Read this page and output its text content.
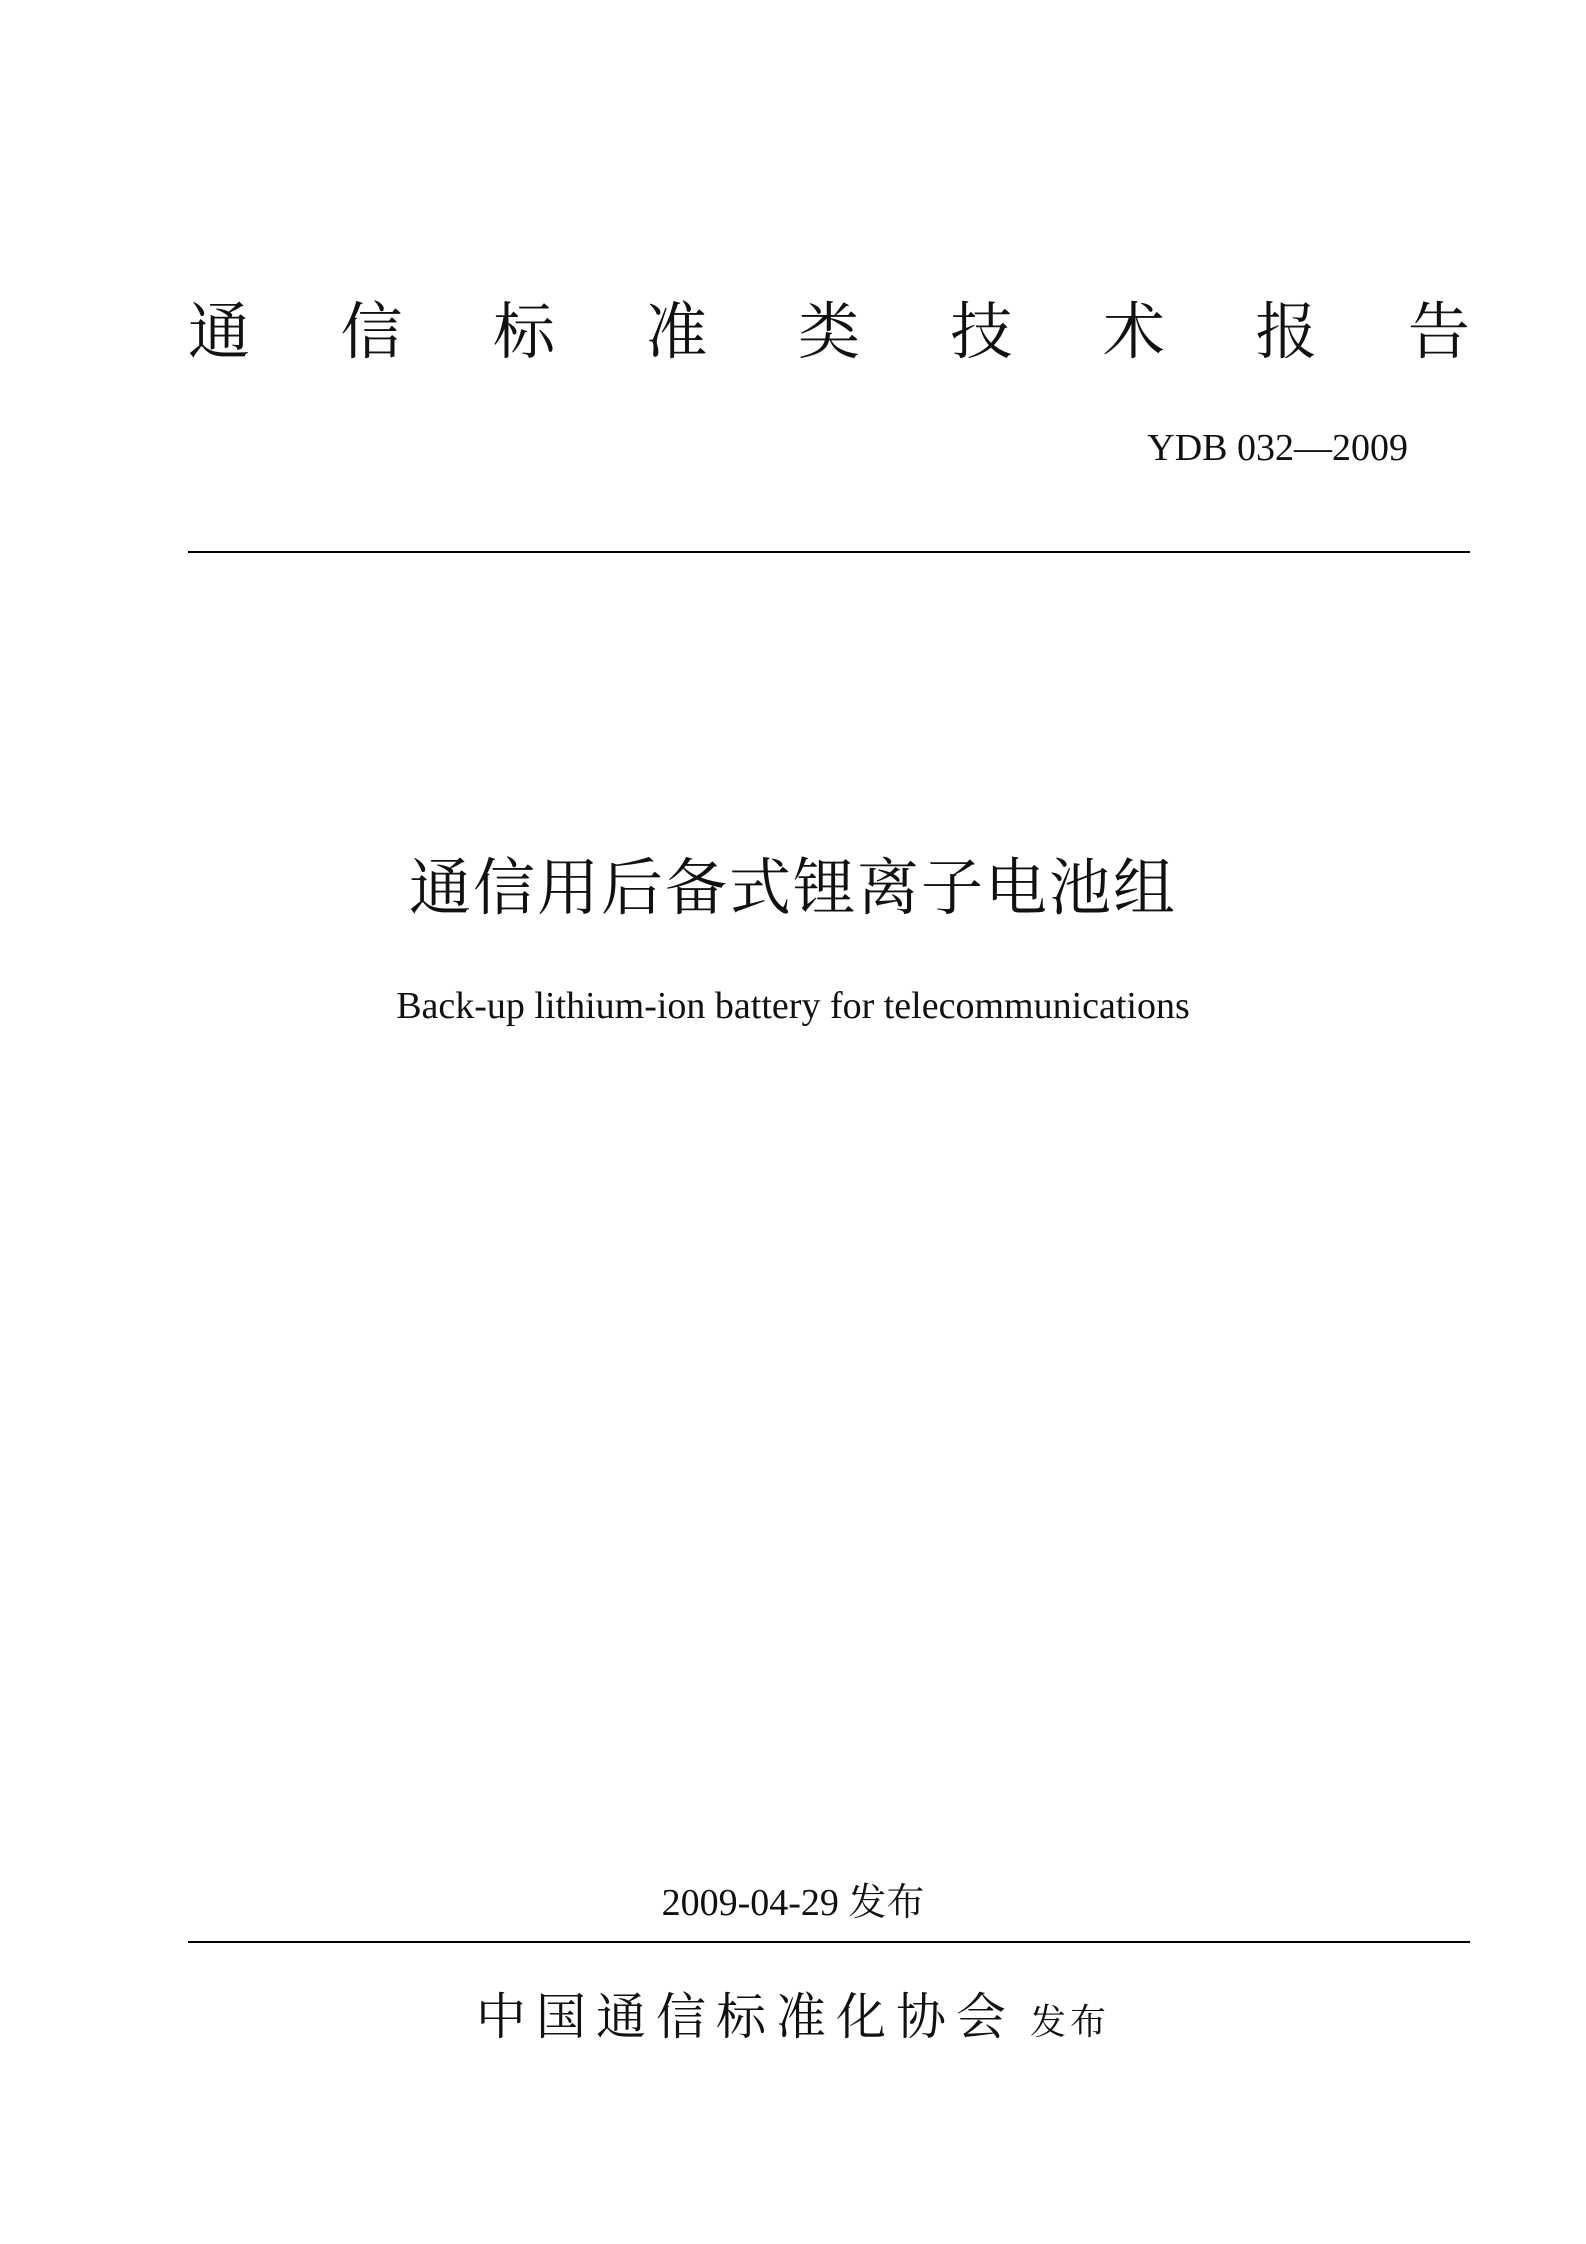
通 信 标 准 类 技 术 报 告
YDB 032—2009
通信用后备式锂离子电池组
Back-up lithium-ion battery for telecommunications
2009-04-29 发布
中国通信标准化协会 发布
